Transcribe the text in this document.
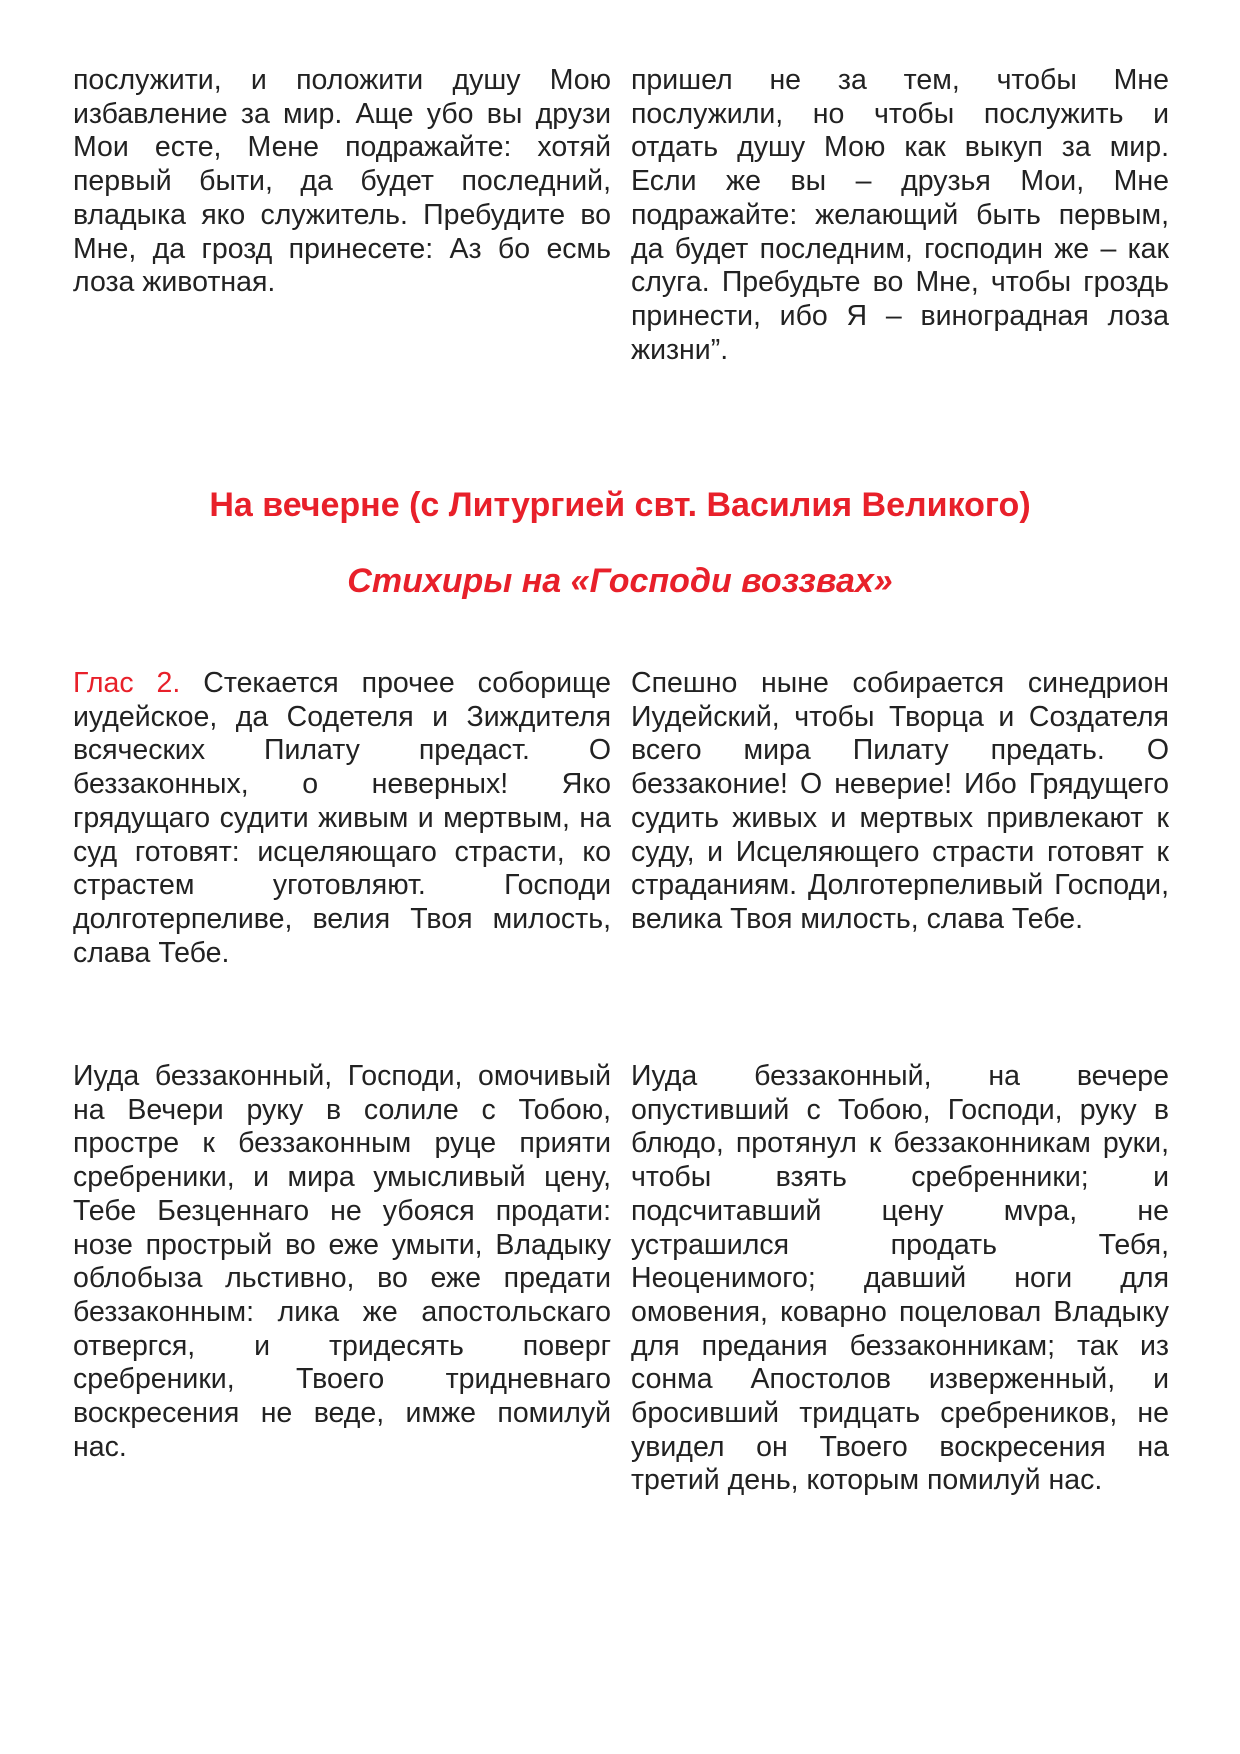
послужити, и положити душу Мою избавление за мир. Аще убо вы друзи Мои есте, Мене подражайте: хотяй первый быти, да будет последний, владыка яко служитель. Пребудите во Мне, да грозд принесете: Аз бо есмь лоза животная.

пришел не за тем, чтобы Мне послужили, но чтобы послужить и отдать душу Мою как выкуп за мир. Если же вы – друзья Мои, Мне подражайте: желающий быть первым, да будет последним, господин же – как слуга. Пребудьте во Мне, чтобы гроздь принести, ибо Я – виноградная лоза жизни”.

На вечерне (с Литургией свт. Василия Великого)
Стихиры на «Господи воззвах»

Глас 2. Стекается прочее соборище иудейское, да Содетеля и Зиждителя всяческих Пилату предаст. О беззаконных, о неверных! Яко грядущаго судити живым и мертвым, на суд готовят: исцеляющаго страсти, ко страстем уготовляют. Господи долготерпеливе, велия Твоя милость, слава Тебе.

Спешно ныне собирается синедрион Иудейский, чтобы Творца и Создателя всего мира Пилату предать. О беззаконие! О неверие! Ибо Грядущего судить живых и мертвых привлекают к суду, и Исцеляющего страсти готовят к страданиям. Долготерпеливый Господи, велика Твоя милость, слава Тебе.

Иуда беззаконный, Господи, омочивый на Вечери руку в солиле с Тобою, простре к беззаконным руце прияти сребреники, и мира умысливый цену, Тебе Безценнаго не убояся продати: нозе прострый во еже умыти, Владыку облобыза льстивно, во еже предати беззаконным: лика же апостольскаго отвергся, и тридесять поверг сребреники, Твоего тридневнаго воскресения не веде, имже помилуй нас.

Иуда беззаконный, на вечере опустивший с Тобою, Господи, руку в блюдо, протянул к беззаконникам руки, чтобы взять сребренники; и подсчитавший цену мvра, не устрашился продать Тебя, Неоценимого; давший ноги для омовения, коварно поцеловал Владыку для предания беззаконникам; так из сонма Апостолов изверженный, и бросивший тридцать сребреников, не увидел он Твоего воскресения на третий день, которым помилуй нас.
